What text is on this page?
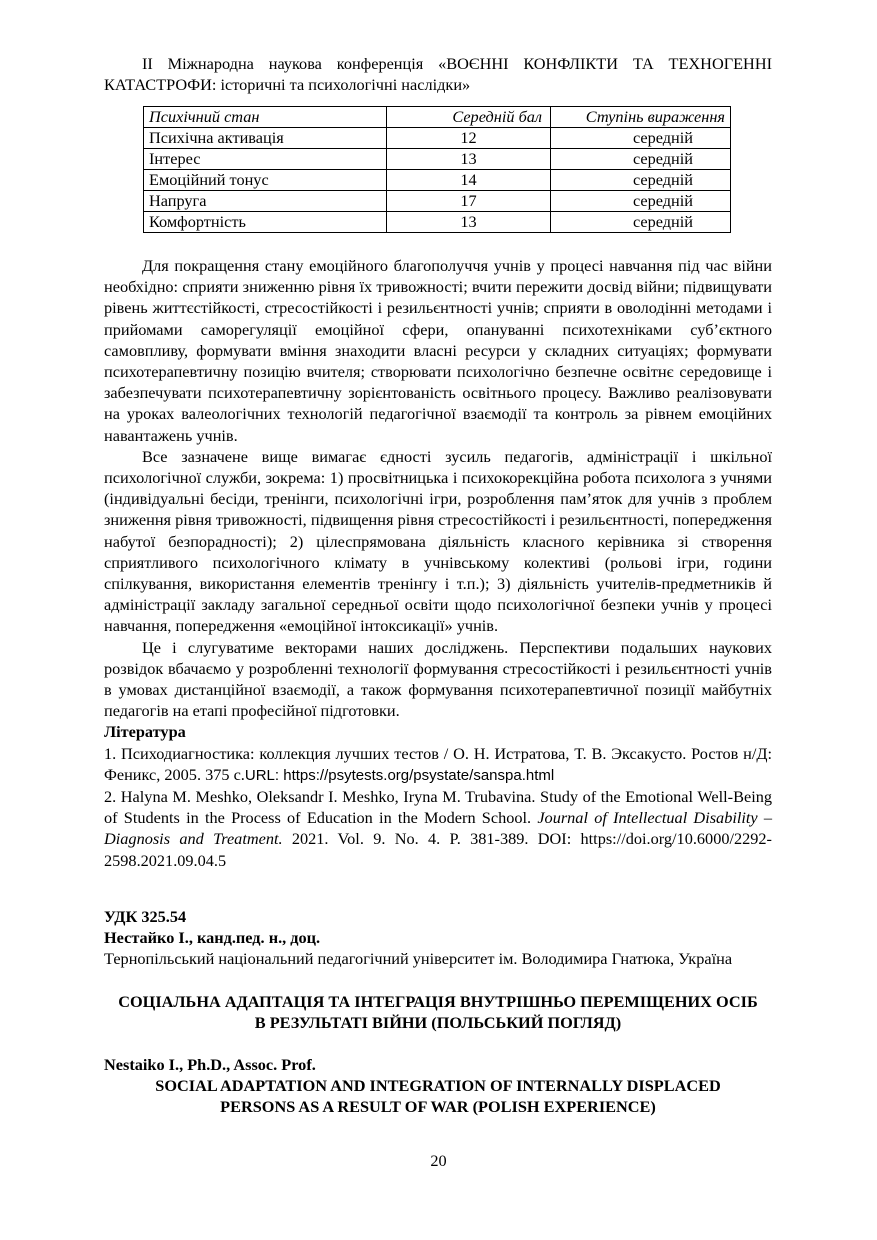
ІІ Міжнародна наукова конференція «ВОЄННІ КОНФЛІКТИ ТА ТЕХНОГЕННІ КАТАСТРОФИ: історичні та психологічні наслідки»
Психічний стан	Середній бал	Ступінь вираження
Психічна активація	12	середній
Інтерес	13	середній
Емоційний тонус	14	середній
Напруга	17	середній
Комфортність	13	середній

Для покращення стану емоційного благополуччя учнів у процесі навчання під час війни необхідно: сприяти зниженню рівня їх тривожності; вчити пережити досвід війни; підвищувати рівень життєстійкості, стресостійкості і резильєнтності учнів; сприяти в оволодінні методами і прийомами саморегуляції емоційної сфери, опануванні психотехніками суб’єктного самовпливу, формувати вміння знаходити власні ресурси у складних ситуаціях; формувати психотерапевтичну позицію вчителя; створювати психологічно безпечне освітнє середовище і забезпечувати психотерапевтичну зорієнтованість освітнього процесу. Важливо реалізовувати на уроках валеологічних технологій педагогічної взаємодії та контроль за рівнем емоційних навантажень учнів.

Все зазначене вище вимагає єдності зусиль педагогів, адміністрації і шкільної психологічної служби, зокрема: 1) просвітницька і психокорекційна робота психолога з учнями (індивідуальні бесіди, тренінги, психологічні ігри, розроблення пам’яток для учнів з проблем зниження рівня тривожності, підвищення рівня стресостійкості і резильєнтності, попередження набутої безпорадності); 2) цілеспрямована діяльність класного керівника зі створення сприятливого психологічного клімату в учнівському колективі (рольові ігри, години спілкування, використання елементів тренінгу і т.п.); 3) діяльність учителів-предметників й адміністрації закладу загальної середньої освіти щодо психологічної безпеки учнів у процесі навчання, попередження «емоційної інтоксикації» учнів.

Це і слугуватиме векторами наших досліджень. Перспективи подальших наукових розвідок вбачаємо у розробленні технології формування стресостійкості і резильєнтності учнів в умовах дистанційної взаємодії, а також формування психотерапевтичної позиції майбутніх педагогів на етапі професійної підготовки.

Література

1. Психодиагностика: коллекция лучших тестов / О. Н. Истратова, Т. В. Эксакусто. Ростов н/Д: Феникс, 2005. 375 с.URL: https://psytests.org/psystate/sanspa.html

2. Halyna M. Meshko, Oleksandr I. Meshko, Iryna M. Trubavina. Study of the Emotional Well-Being of Students in the Process of Education in the Modern School. Journal of Intellectual Disability – Diagnosis and Treatment. 2021. Vol. 9. No. 4. P. 381-389. DOI: https://doi.org/10.6000/2292-2598.2021.09.04.5

УДК 325.54

Нестайко І., канд.пед. н., доц.

Тернопільський національний педагогічний університет ім. Володимира Гнатюка, Україна

СОЦІАЛЬНА АДАПТАЦІЯ ТА ІНТЕГРАЦІЯ ВНУТРІШНЬО ПЕРЕМІЩЕНИХ ОСІБ В РЕЗУЛЬТАТІ ВІЙНИ (ПОЛЬСЬКИЙ ПОГЛЯД)

Nestaiko I., Ph.D., Assoc. Prof.

SOCIAL ADAPTATION AND INTEGRATION OF INTERNALLY DISPLACED PERSONS AS A RESULT OF WAR (POLISH EXPERIENCE)

20
